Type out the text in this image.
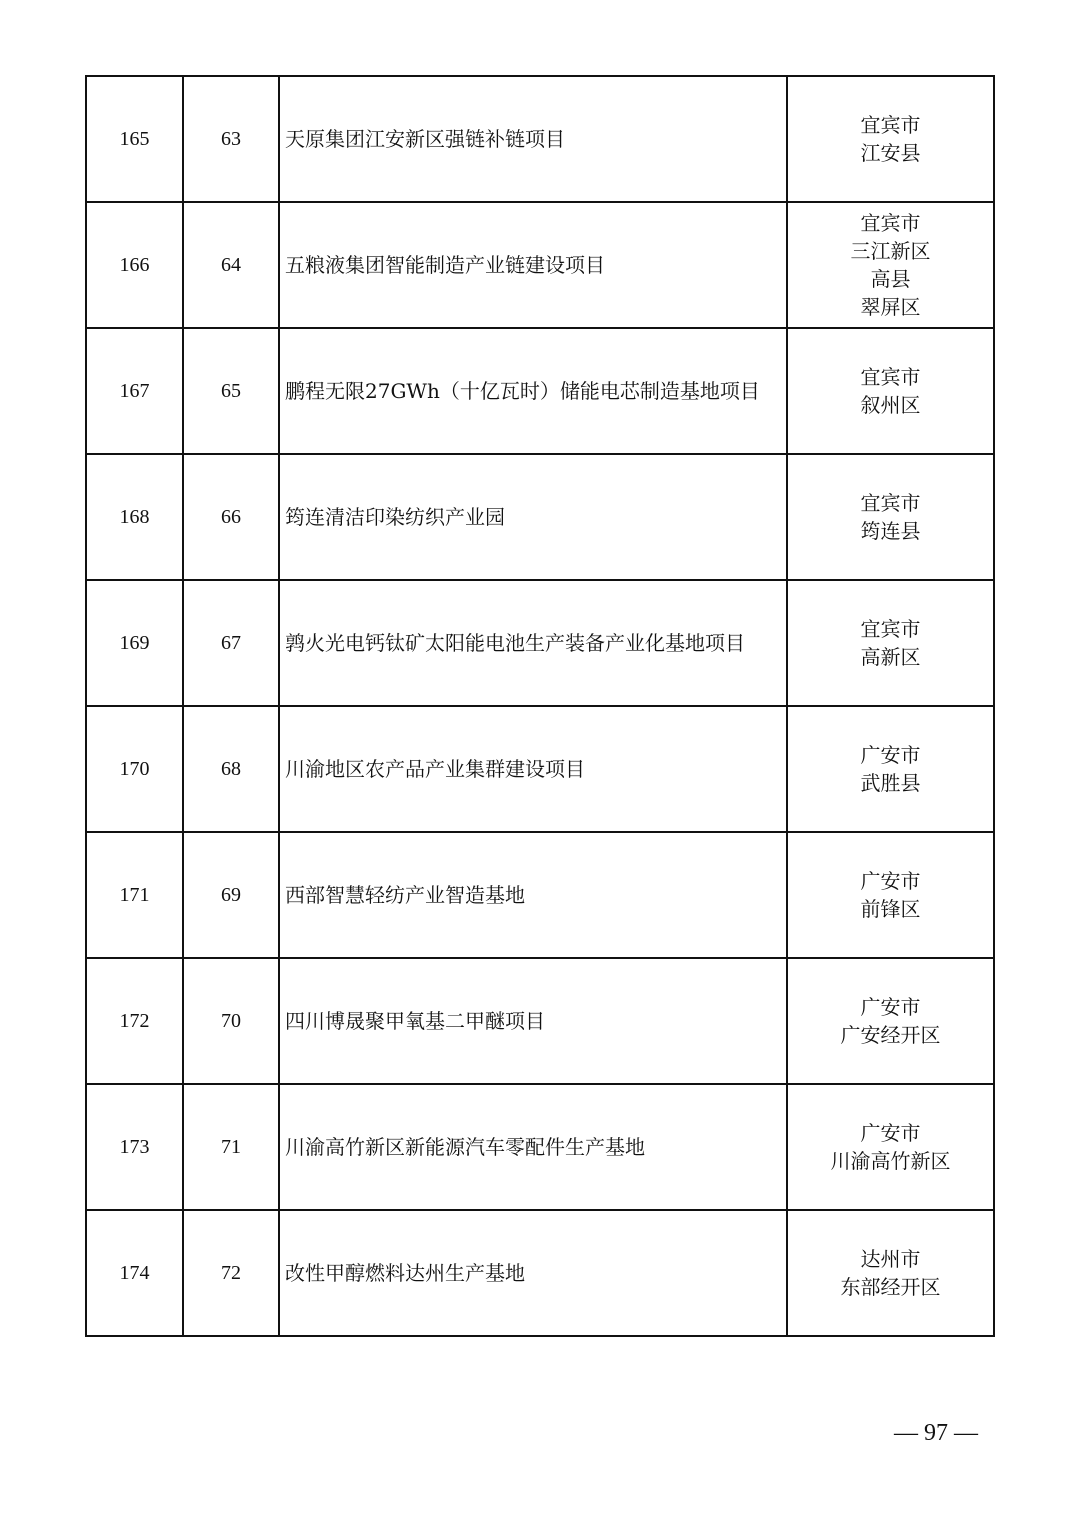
165	63	天原集团江安新区强链补链项目	宜宾市
江安县

166	64	五粮液集团智能制造产业链建设项目	宜宾市
三江新区
高县
翠屏区

167	65	鹏程无限27GWh（十亿瓦时）储能电芯制造基地项目	宜宾市
叙州区

168	66	筠连清洁印染纺织产业园	宜宾市
筠连县

169	67	鹑火光电钙钛矿太阳能电池生产装备产业化基地项目	宜宾市
高新区

170	68	川渝地区农产品产业集群建设项目	广安市
武胜县

171	69	西部智慧轻纺产业智造基地	广安市
前锋区

172	70	四川博晟聚甲氧基二甲醚项目	广安市
广安经开区

173	71	川渝高竹新区新能源汽车零配件生产基地	广安市
川渝高竹新区

174	72	改性甲醇燃料达州生产基地	达州市
东部经开区
— 97 —
